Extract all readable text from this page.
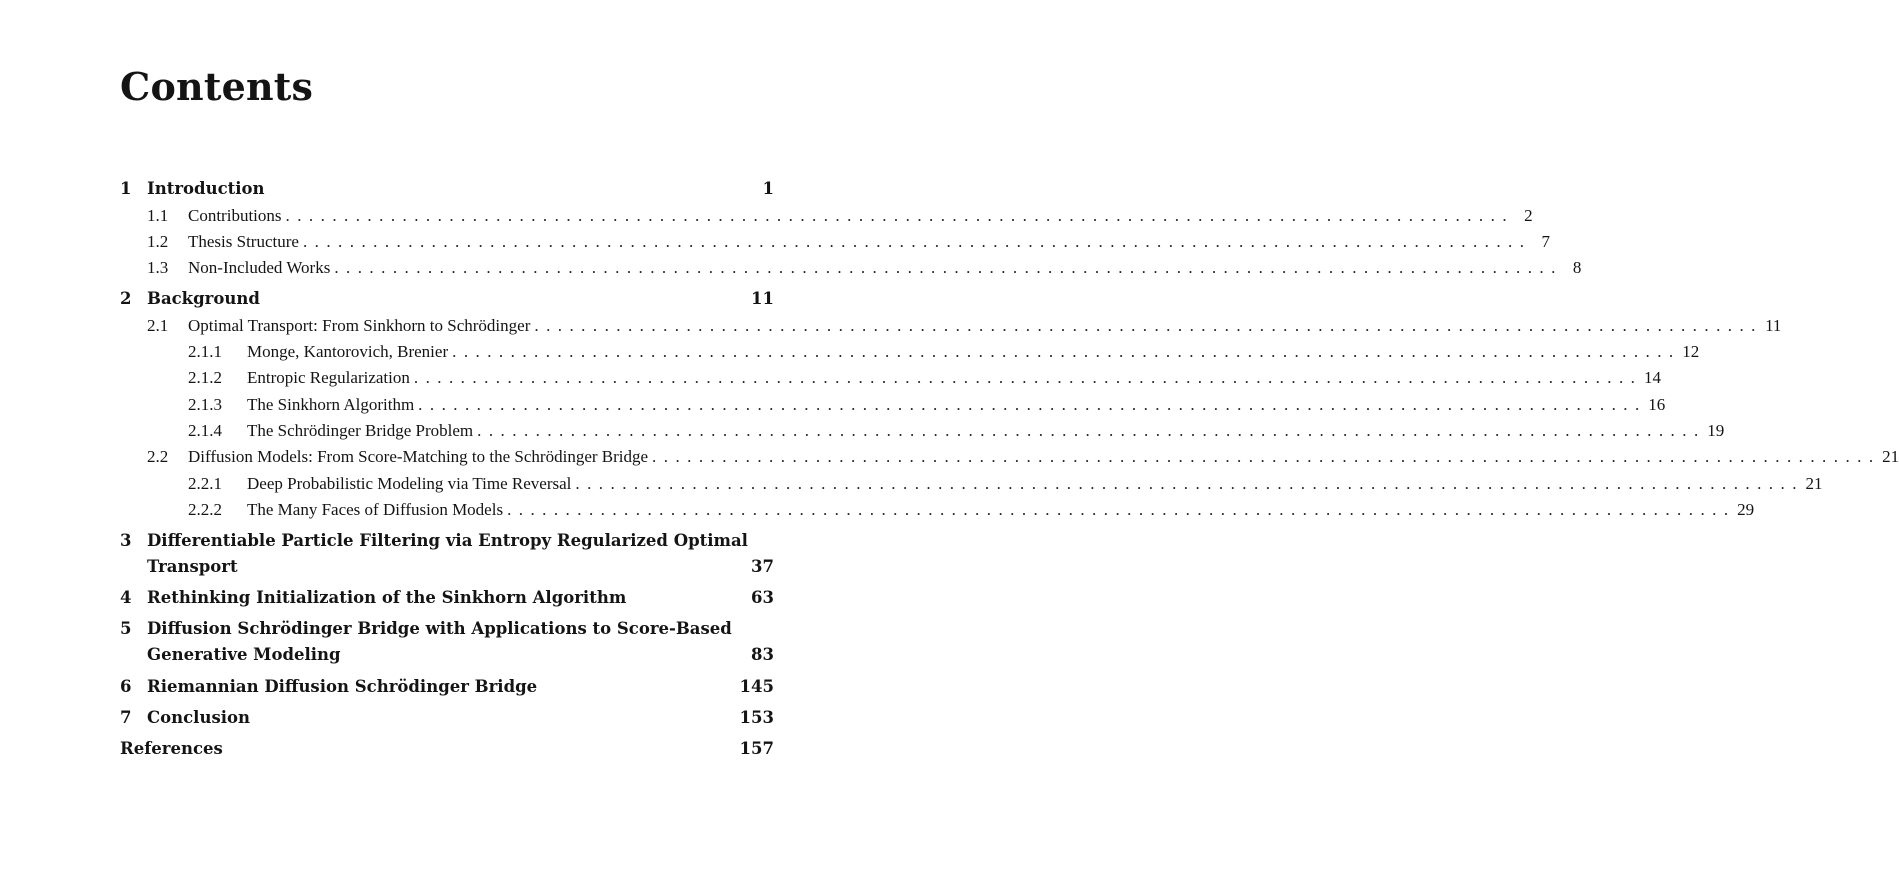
Contents
1 Introduction	1
1.1	Contributions . . .	2
1.2	Thesis Structure . . .	7
1.3	Non-Included Works . . .	8
2 Background	11
2.1	Optimal Transport: From Sinkhorn to Schrödinger . . .	11
2.1.1	Monge, Kantorovich, Brenier . . .	12
2.1.2	Entropic Regularization . . .	14
2.1.3	The Sinkhorn Algorithm . . .	16
2.1.4	The Schrödinger Bridge Problem . . .	19
2.2	Diffusion Models: From Score-Matching to the Schrödinger Bridge . . .	21
2.2.1	Deep Probabilistic Modeling via Time Reversal . . .	21
2.2.2	The Many Faces of Diffusion Models . . .	29
3 Differentiable Particle Filtering via Entropy Regularized Optimal
Transport	37
4 Rethinking Initialization of the Sinkhorn Algorithm	63
5 Diffusion Schrödinger Bridge with Applications to Score-Based
Generative Modeling	83
6 Riemannian Diffusion Schrödinger Bridge	145
7 Conclusion	153
References	157
